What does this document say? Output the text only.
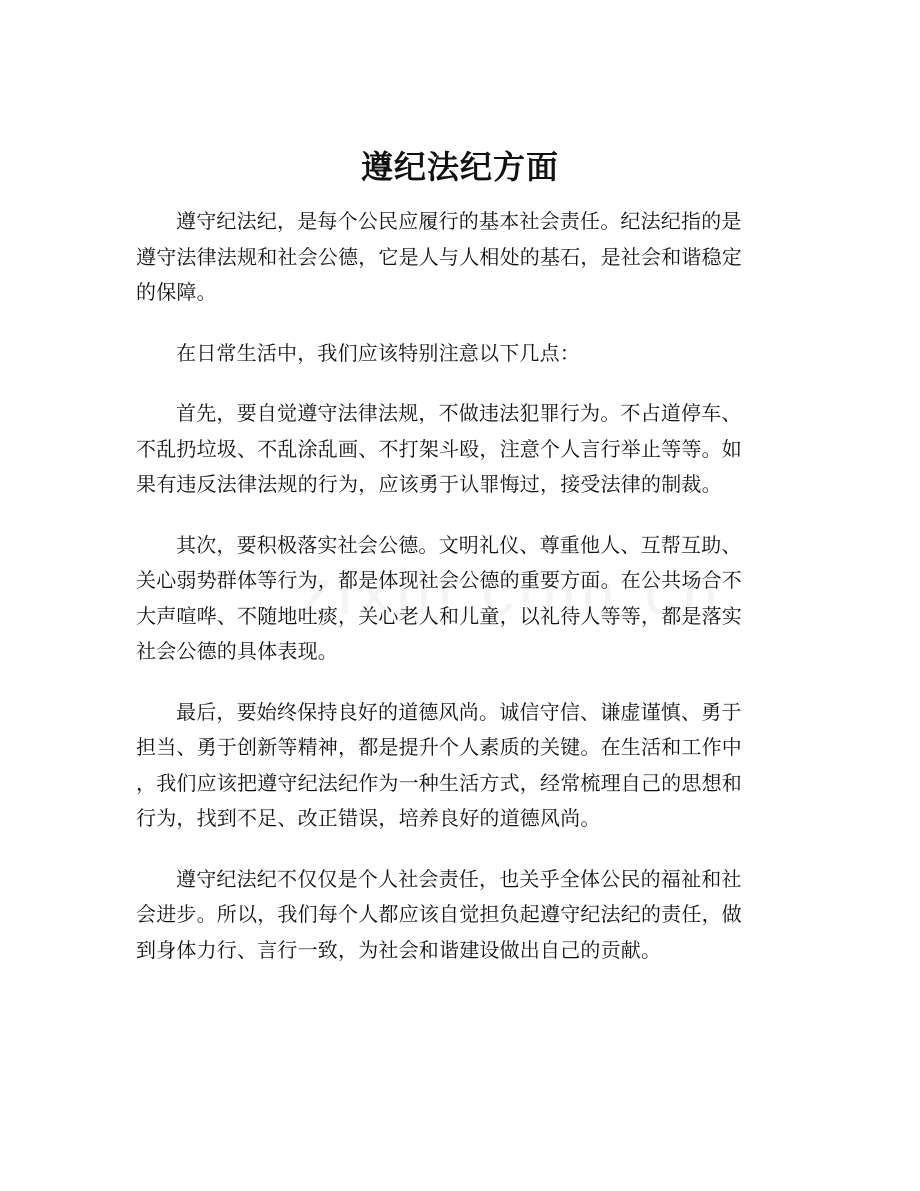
遵纪法纪方面

遵守纪法纪，是每个公民应履行的基本社会责任。纪法纪指的是
遵守法律法规和社会公德，它是人与人相处的基石，是社会和谐稳定
的保障。

在日常生活中，我们应该特别注意以下几点：

首先，要自觉遵守法律法规，不做违法犯罪行为。不占道停车、
不乱扔垃圾、不乱涂乱画、不打架斗殴，注意个人言行举止等等。如
果有违反法律法规的行为，应该勇于认罪悔过，接受法律的制裁。

其次，要积极落实社会公德。文明礼仪、尊重他人、互帮互助、
关心弱势群体等行为，都是体现社会公德的重要方面。在公共场合不
大声喧哗、不随地吐痰，关心老人和儿童，以礼待人等等，都是落实
社会公德的具体表现。

最后，要始终保持良好的道德风尚。诚信守信、谦虚谨慎、勇于
担当、勇于创新等精神，都是提升个人素质的关键。在生活和工作中
，我们应该把遵守纪法纪作为一种生活方式，经常梳理自己的思想和
行为，找到不足、改正错误，培养良好的道德风尚。

遵守纪法纪不仅仅是个人社会责任，也关乎全体公民的福祉和社
会进步。所以，我们每个人都应该自觉担负起遵守纪法纪的责任，做
到身体力行、言行一致，为社会和谐建设做出自己的贡献。
